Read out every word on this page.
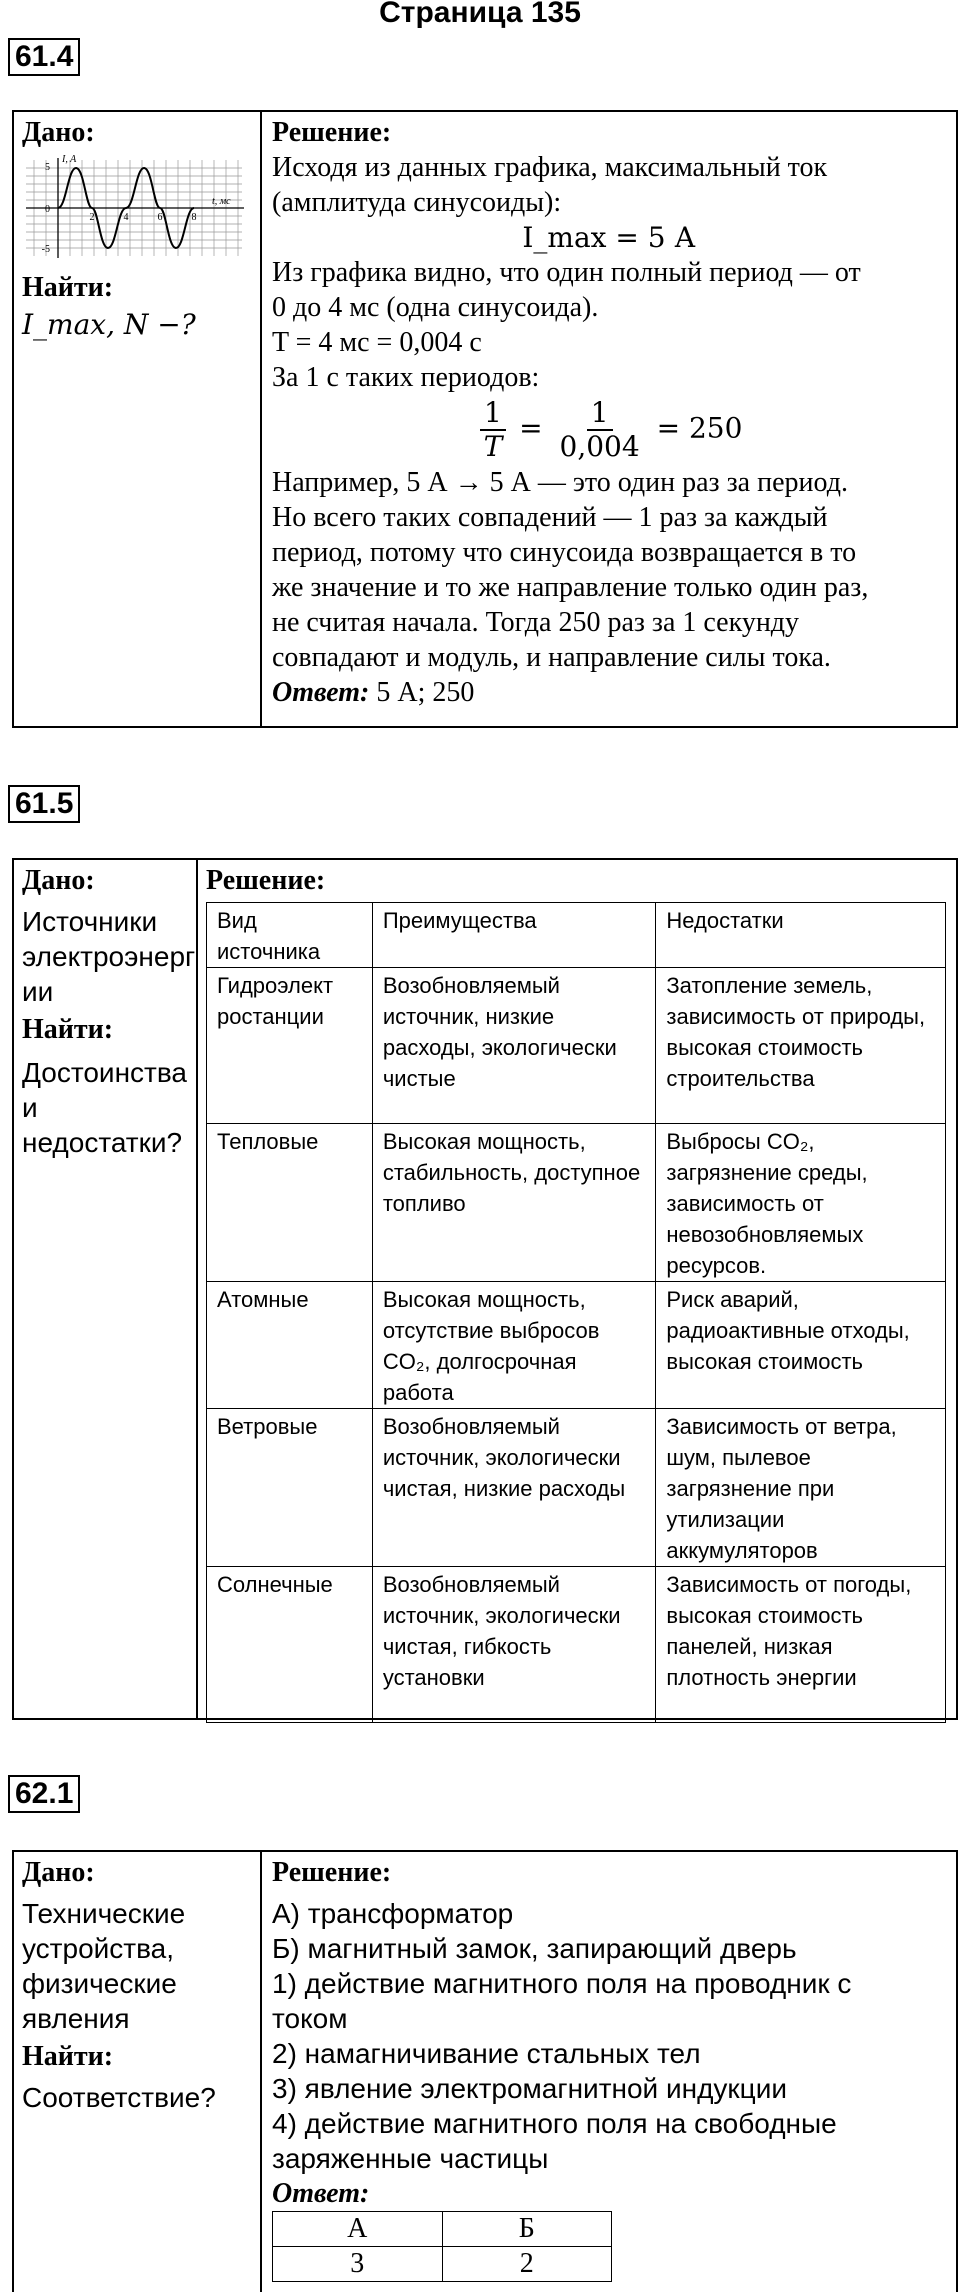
Страница 135
61.4
Дано:
5
0
-5
I, A
2	4	6	8
t, мс
Найти:
I_max, N −?
Решение:
Исходя из данных графика, максимальный ток
(амплитуда синусоиды):
I_max = 5 А
Из графика видно, что один полный период — от
0 до 4 мс (одна синусоида).
T = 4 мс = 0,004 с
За 1 с таких периодов:
$\frac{1}{T} = \frac{1}{0,004} = 250$
Например, 5 А → 5 А — это один раз за период.
Но всего таких совпадений — 1 раз за каждый
период, потому что синусоида возвращается в то
же значение и то же направление только один раз,
не считая начала. Тогда 250 раз за 1 секунду
совпадают и модуль, и направление силы тока.
Ответ: 5 А; 250
61.5
Дано:
Источники
электроэнерг
ии
Найти:
Достоинства
и
недостатки?
Решение:
Вид источника	Преимущества	Недостатки
Гидроэлект ростанции	Возобновляемый источник, низкие расходы, экологически чистые	Затопление земель, зависимость от природы, высокая стоимость строительства
Тепловые	Высокая мощность, стабильность, доступное топливо	Выбросы CO₂, загрязнение среды, зависимость от невозобновляемых ресурсов.
Атомные	Высокая мощность, отсутствие выбросов CO₂, долгосрочная работа	Риск аварий, радиоактивные отходы, высокая стоимость
Ветровые	Возобновляемый источник, экологически чистая, низкие расходы	Зависимость от ветра, шум, пылевое загрязнение при утилизации аккумуляторов
Солнечные	Возобновляемый источник, экологически чистая, гибкость установки	Зависимость от погоды, высокая стоимость панелей, низкая плотность энергии
62.1
Дано:
Технические
устройства,
физические
явления
Найти:
Соответствие?
Решение:
А) трансформатор
Б) магнитный замок, запирающий дверь
1) действие магнитного поля на проводник с
током
2) намагничивание стальных тел
3) явление электромагнитной индукции
4) действие магнитного поля на свободные
заряженные частицы
Ответ:
А	Б
3	2
